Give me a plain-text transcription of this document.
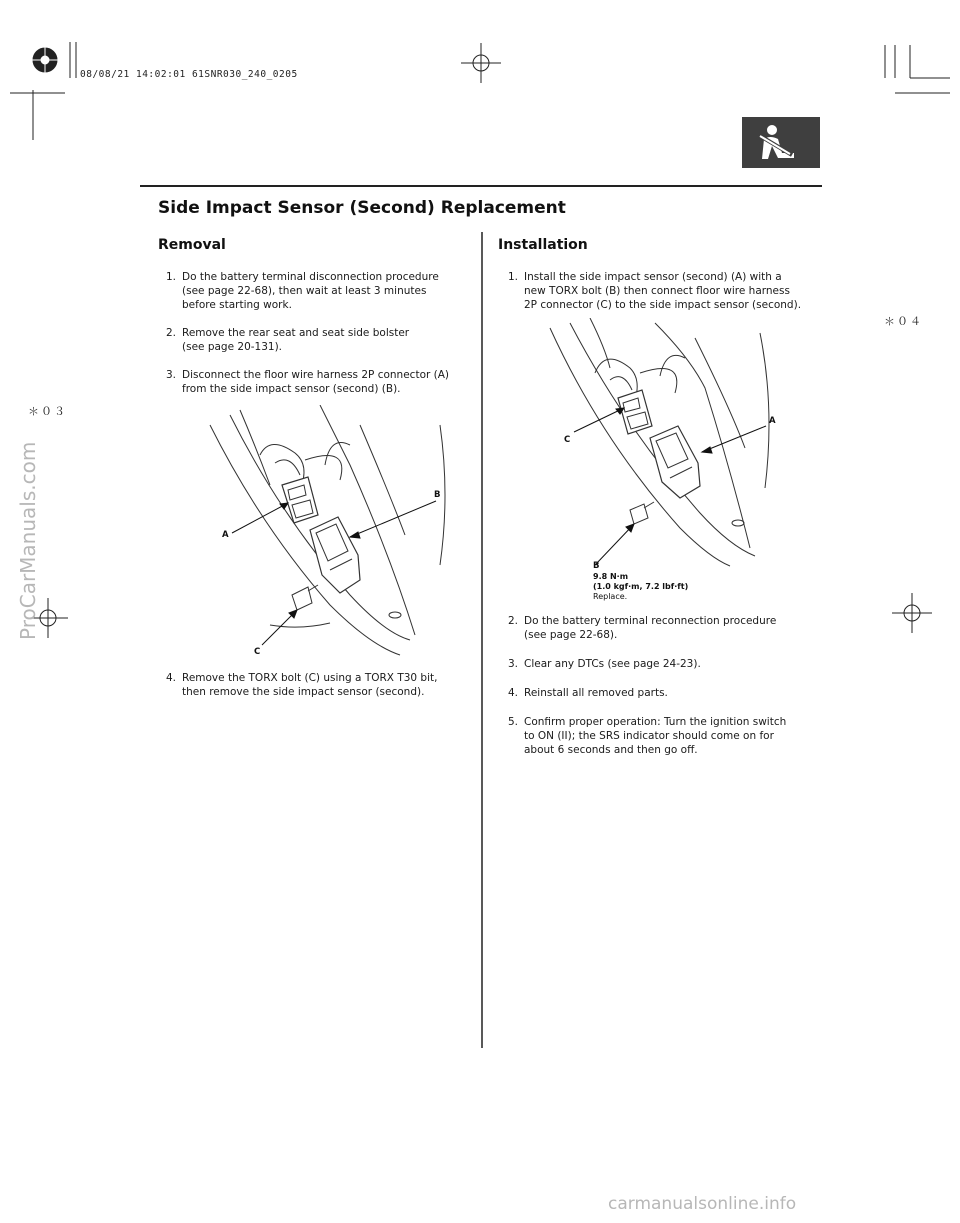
08/08/21 14:02:01 61SNR030_240_0205
Side Impact Sensor (Second) Replacement
Removal
1. Do the battery terminal disconnection procedure
(see page 22-68), then wait at least 3 minutes
before starting work.
2. Remove the rear seat and seat side bolster
(see page 20-131).
3. Disconnect the floor wire harness 2P connector (A)
from the side impact sensor (second) (B).
B
A
C
4. Remove the TORX bolt (C) using a TORX T30 bit,
then remove the side impact sensor (second).
Installation
1. Install the side impact sensor (second) (A) with a
new TORX bolt (B) then connect floor wire harness
2P connector (C) to the side impact sensor (second).
A
C
B
9.8 N·m
(1.0 kgf·m, 7.2 lbf·ft)
Replace.
2. Do the battery terminal reconnection procedure
(see page 22-68).
3. Clear any DTCs (see page 24-23).
4. Reinstall all removed parts.
5. Confirm proper operation: Turn the ignition switch
to ON (II); the SRS indicator should come on for
about 6 seconds and then go off.
＊０４
＊０３
ProCarManuals.com
carmanualsonline.info
